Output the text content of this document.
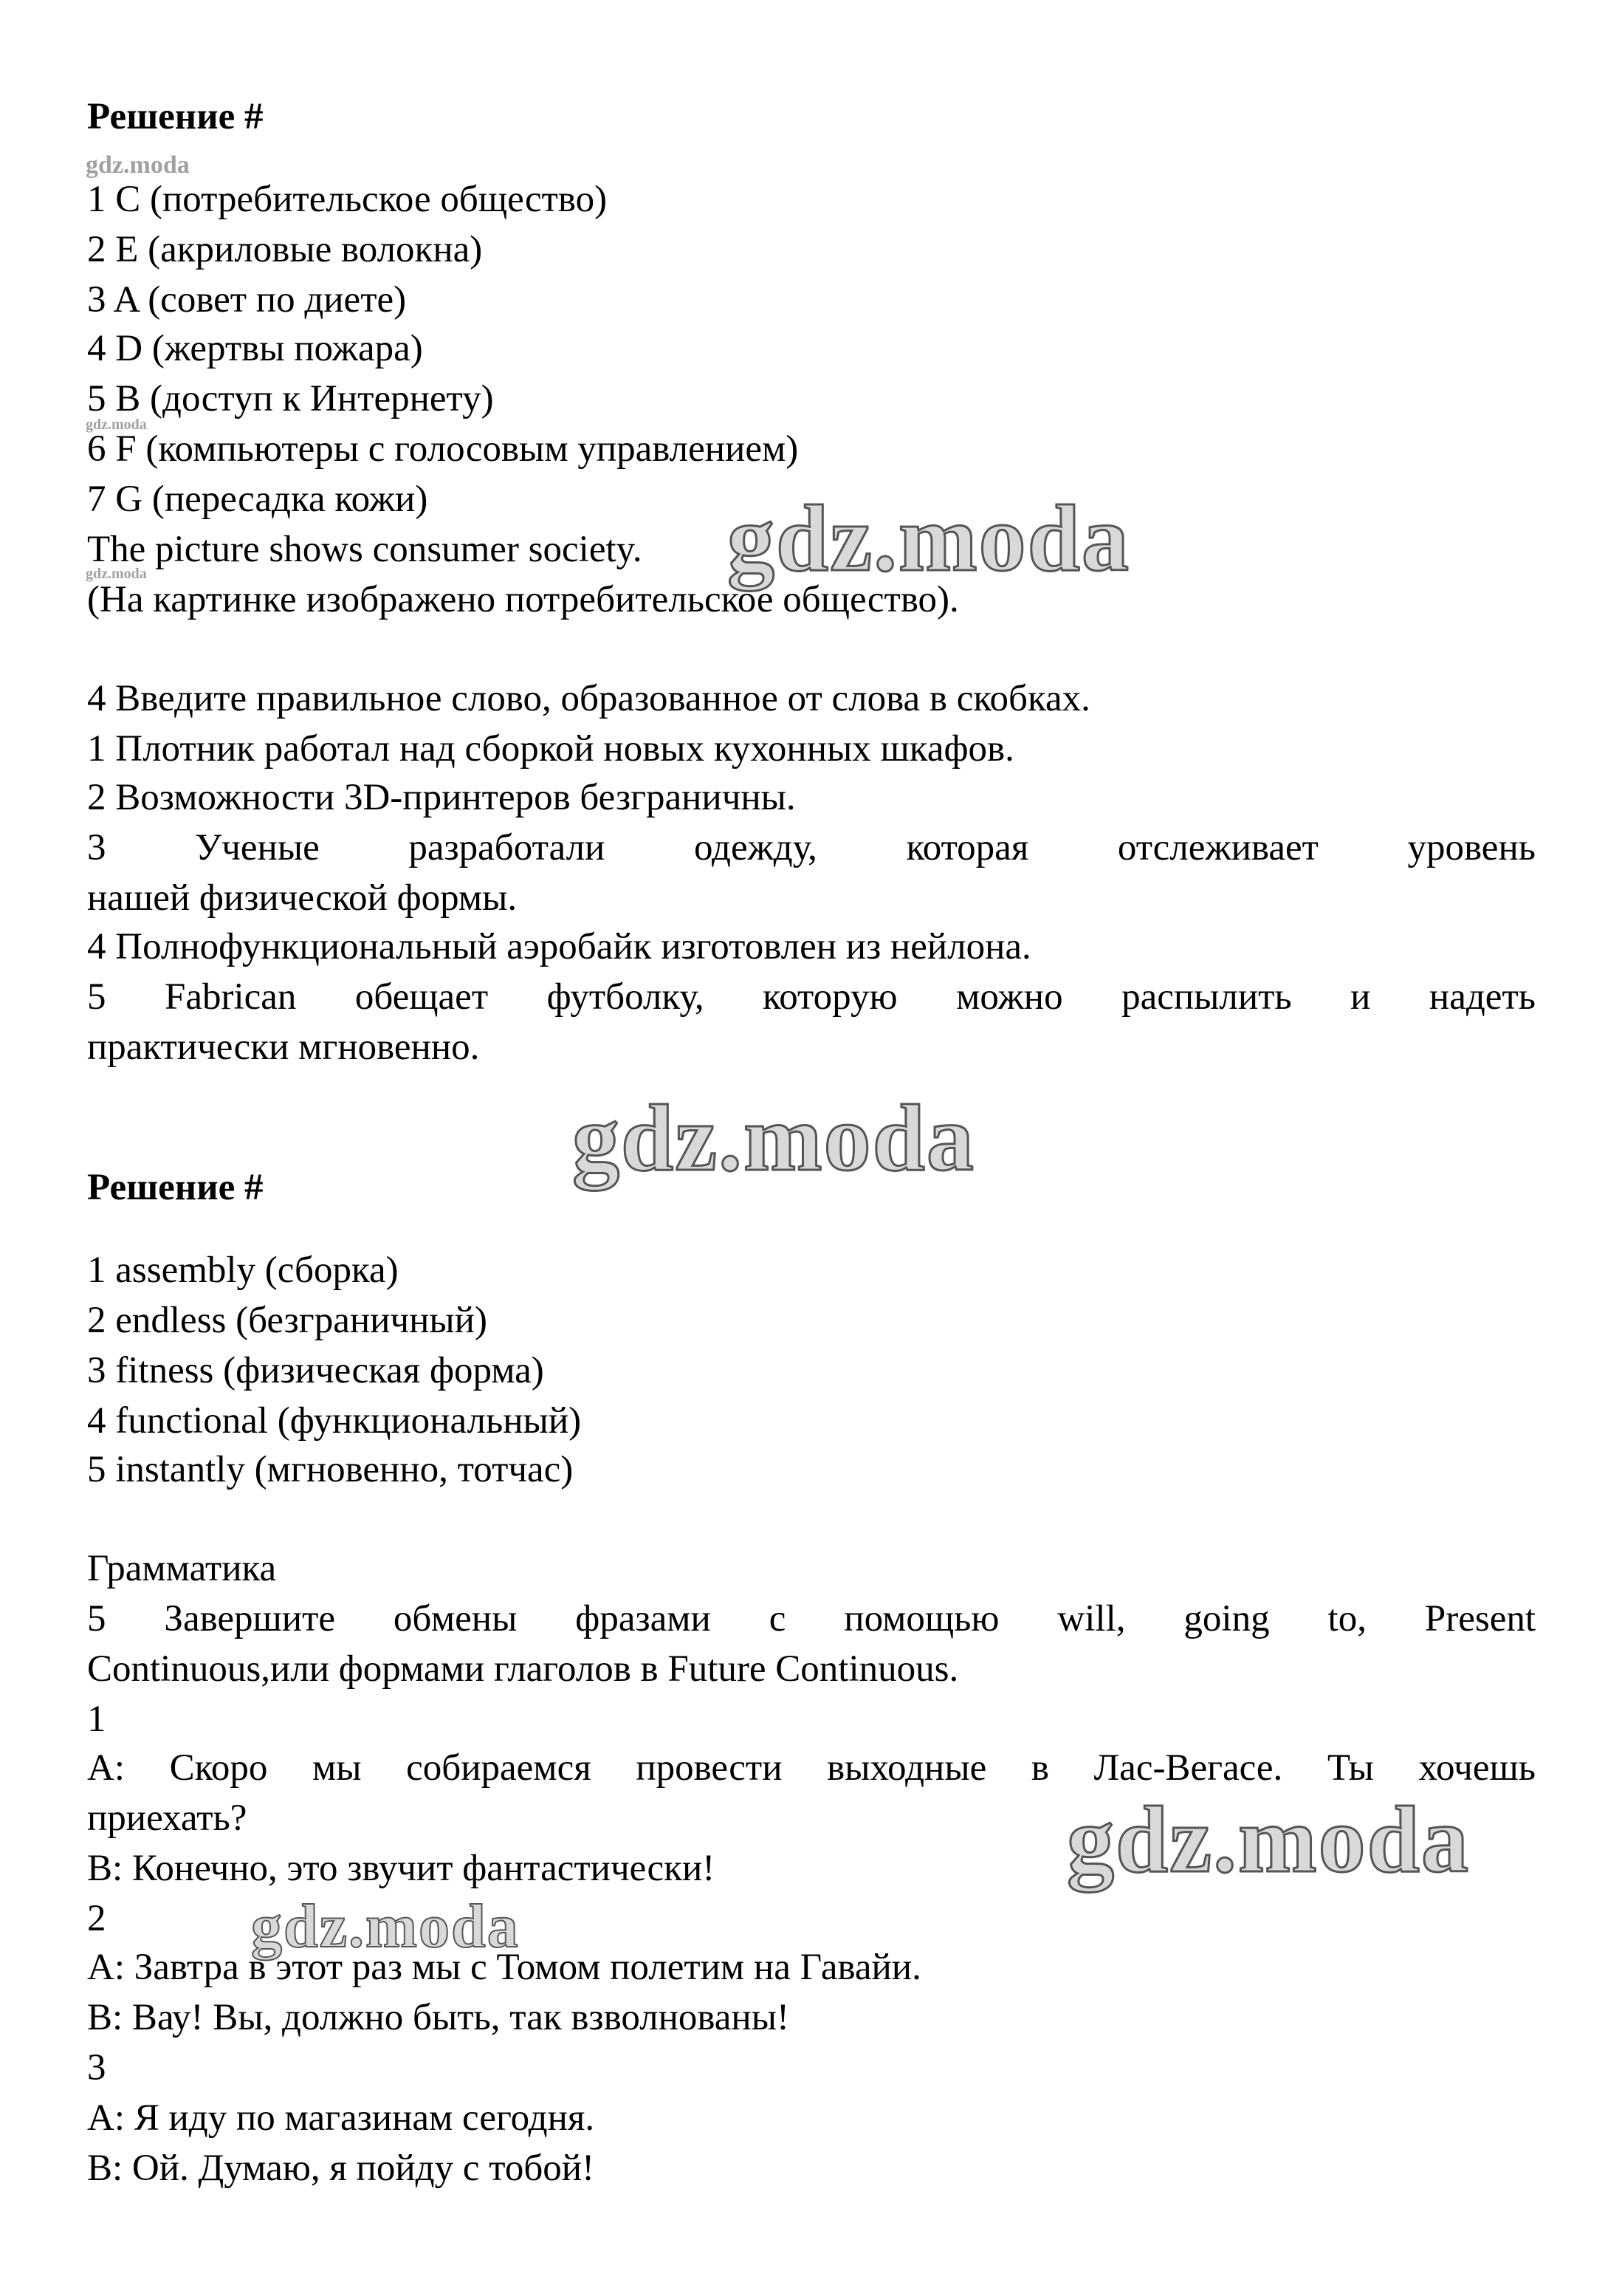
Решение #
gdz.moda
1 C (потребительское общество)
2 E (акриловые волокна)
3 A (совет по диете)
4 D (жертвы пожара)
5 B (доступ к Интернету)
gdz.moda
6 F (компьютеры с голосовым управлением)
7 G (пересадка кожи)
The picture shows consumer society.
gdz.moda	gdz.moda
(На картинке изображено потребительское общество).
4 Введите правильное слово, образованное от слова в скобках.
1 Плотник работал над сборкой новых кухонных шкафов.
2 Возможности 3D-принтеров безграничны.
3 Ученые разработали одежду, которая отслеживает уровень
нашей физической формы.
4 Полнофункциональный аэробайк изготовлен из нейлона.
5 Fabrican обещает футболку, которую можно распылить и надеть
практически мгновенно.
gdz.moda
Решение #
1 assembly (сборка)
2 endless (безграничный)
3 fitness (физическая форма)
4 functional (функциональный)
5 instantly (мгновенно, тотчас)
Грамматика
5 Завершите обмены фразами с помощью will, going to, Present
Continuous,или формами глаголов в Future Continuous.
1
A: Скоро мы собираемся провести выходные в Лас-Вегасе. Ты хочешь
приехать?	gdz.moda
B: Конечно, это звучит фантастически!
2 gdz.moda
A: Завтра в этот раз мы с Томом полетим на Гавайи.
B: Вау! Вы, должно быть, так взволнованы!
3
A: Я иду по магазинам сегодня.
B: Ой. Думаю, я пойду с тобой!
